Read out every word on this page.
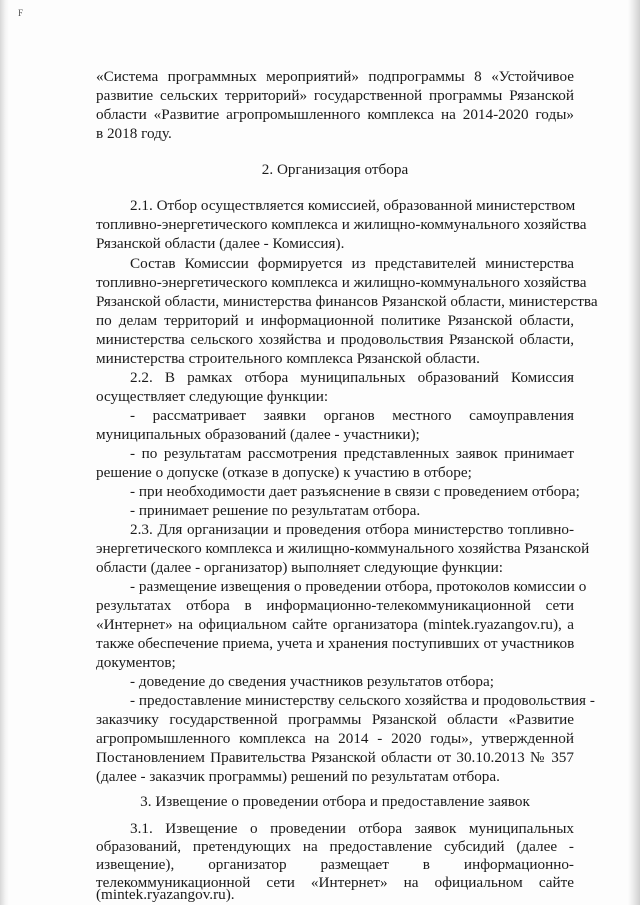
F
«Система программных мероприятий» подпрограммы 8 «Устойчивое
развитие сельских территорий» государственной программы Рязанской
области «Развитие агропромышленного комплекса на 2014-2020 годы»
в 2018 году.
2. Организация отбора
2.1. Отбор осуществляется комиссией, образованной министерством
топливно-энергетического комплекса и жилищно-коммунального хозяйства
Рязанской области (далее - Комиссия).
Состав Комиссии формируется из представителей министерства
топливно-энергетического комплекса и жилищно-коммунального хозяйства
Рязанской области, министерства финансов Рязанской области, министерства
по делам территорий и информационной политике Рязанской области,
министерства сельского хозяйства и продовольствия Рязанской области,
министерства строительного комплекса Рязанской области.
2.2. В рамках отбора муниципальных образований Комиссия
осуществляет следующие функции:
- рассматривает заявки органов местного самоуправления
муниципальных образований (далее - участники);
- по результатам рассмотрения представленных заявок принимает
решение о допуске (отказе в допуске) к участию в отборе;
- при необходимости дает разъяснение в связи с проведением отбора;
- принимает решение по результатам отбора.
2.3. Для организации и проведения отбора министерство топливно-
энергетического комплекса и жилищно-коммунального хозяйства Рязанской
области (далее - организатор) выполняет следующие функции:
- размещение извещения о проведении отбора, протоколов комиссии о
результатах отбора в информационно-телекоммуникационной сети
«Интернет» на официальном сайте организатора (mintek.ryazangov.ru), а
также обеспечение приема, учета и хранения поступивших от участников
документов;
- доведение до сведения участников результатов отбора;
- предоставление министерству сельского хозяйства и продовольствия -
заказчику государственной программы Рязанской области «Развитие
агропромышленного комплекса на 2014 - 2020 годы», утвержденной
Постановлением Правительства Рязанской области от 30.10.2013 № 357
(далее - заказчик программы) решений по результатам отбора.
3. Извещение о проведении отбора и предоставление заявок
3.1. Извещение о проведении отбора заявок муниципальных
образований, претендующих на предоставление субсидий (далее -
извещение), организатор размещает в информационно-
телекоммуникационной сети «Интернет» на официальном сайте
(mintek.ryazangov.ru).
